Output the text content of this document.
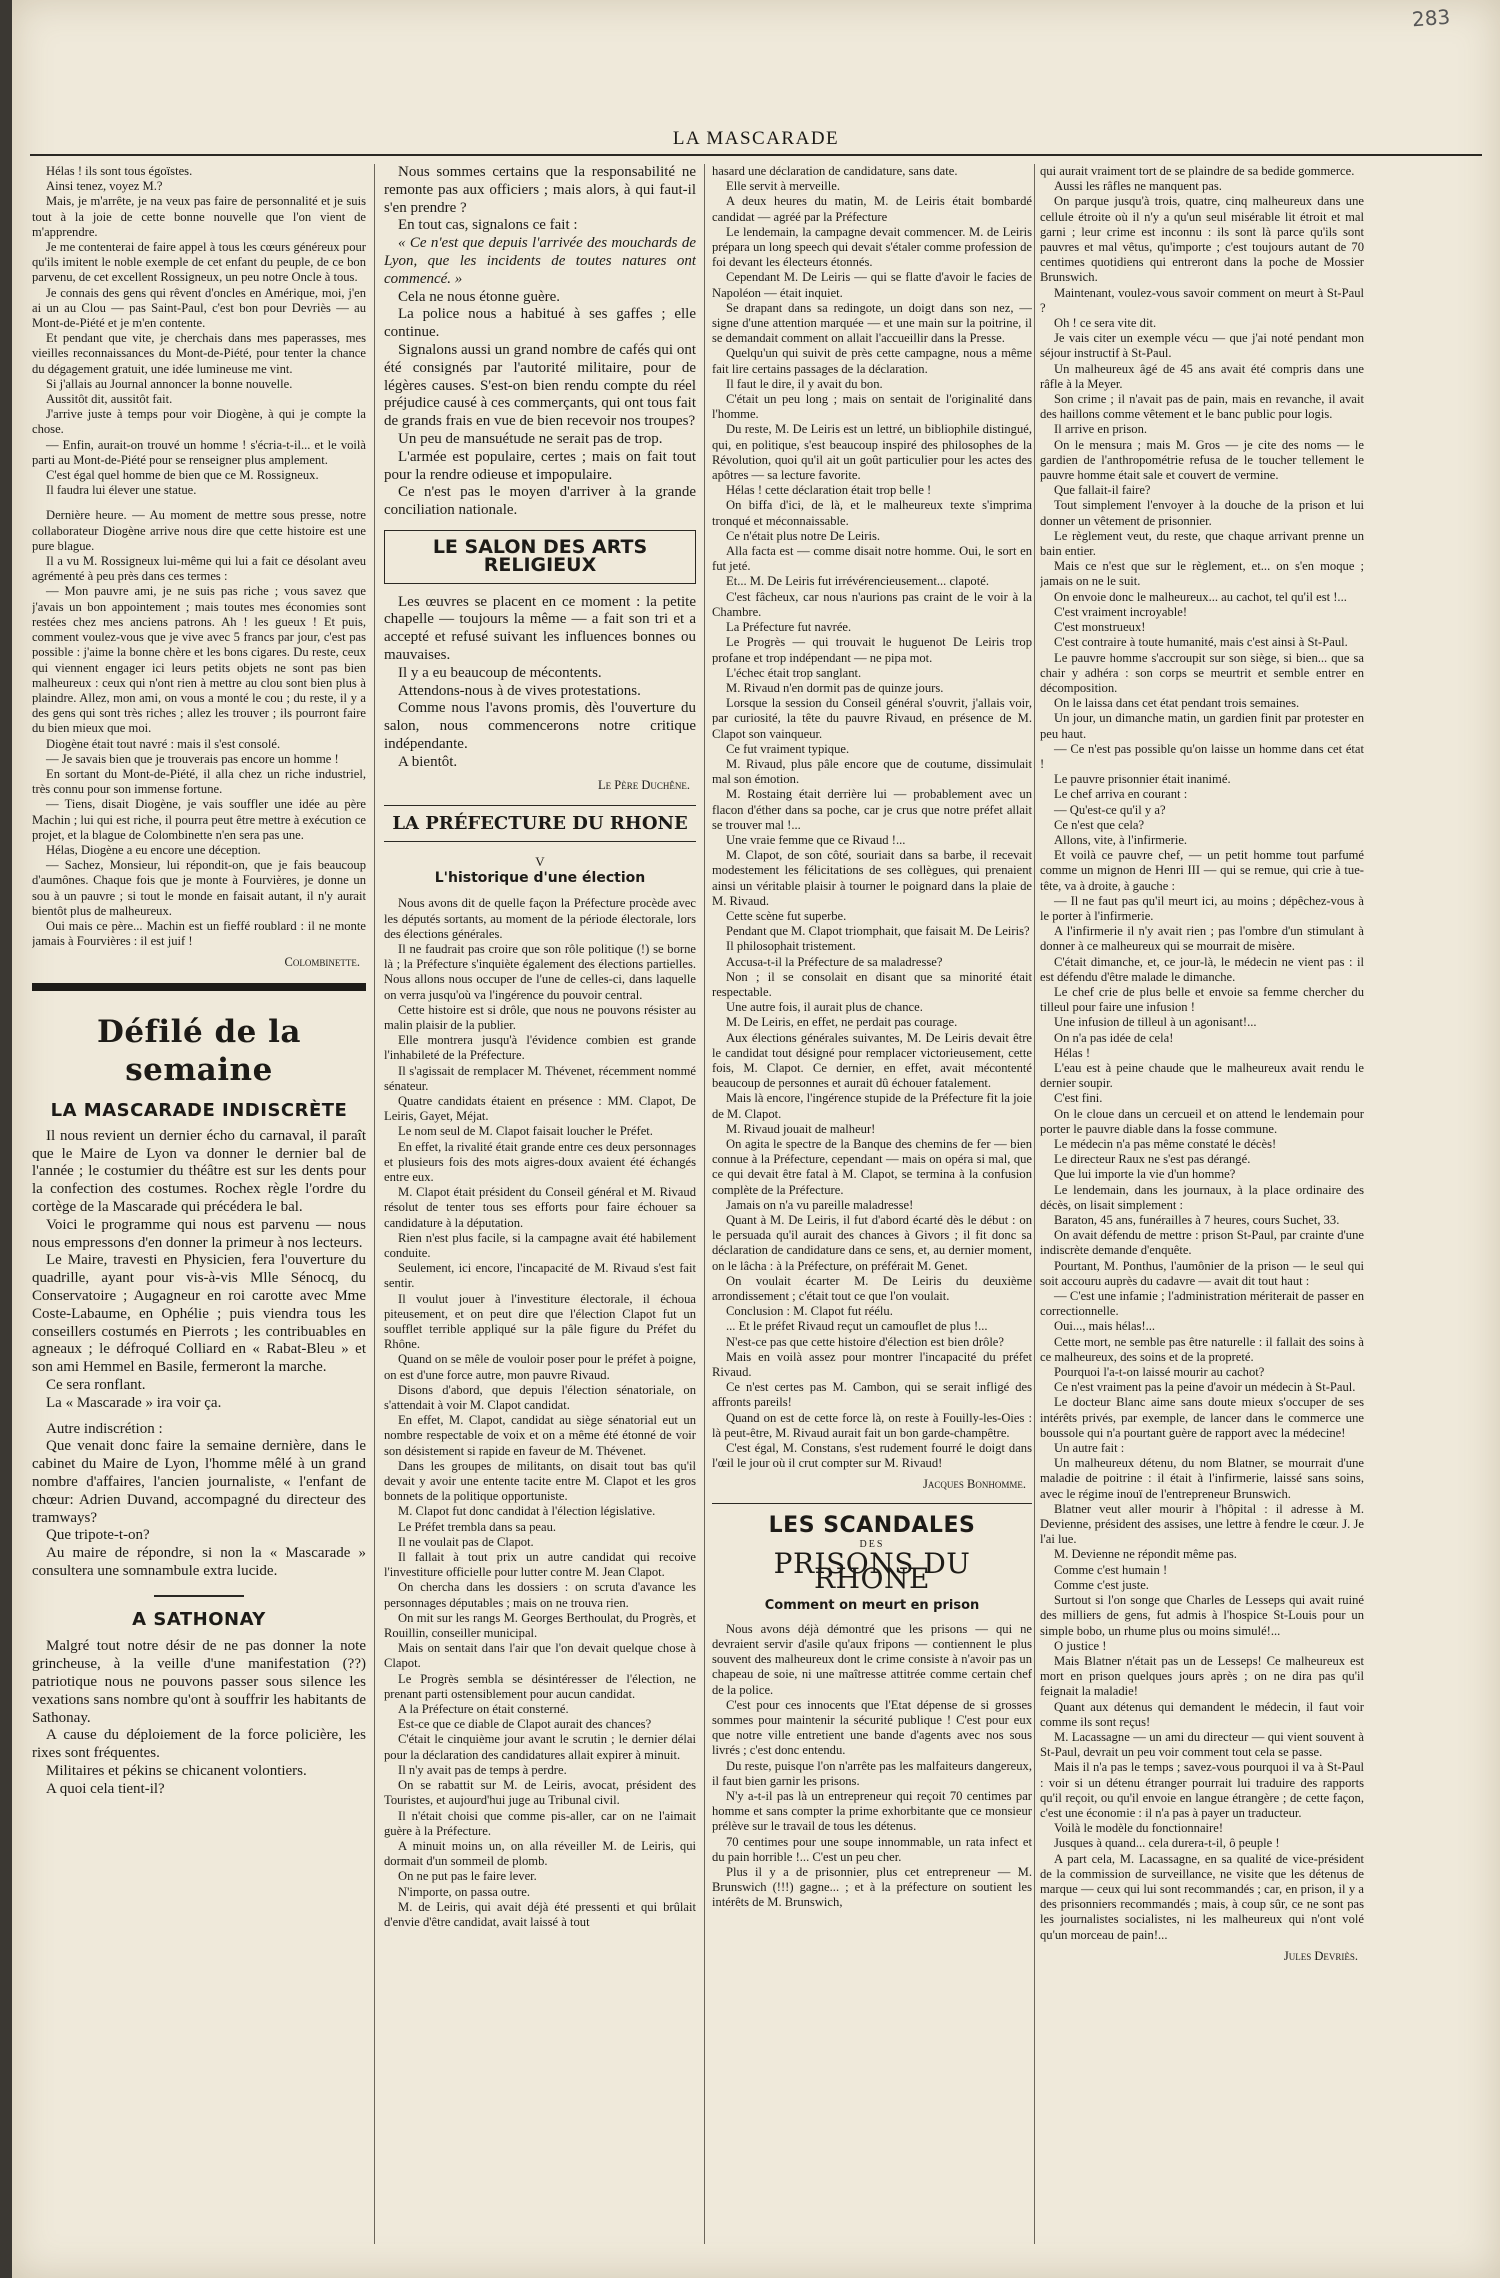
283
LA MASCARADE

Hélas ! ils sont tous égoïstes.

Ainsi tenez, voyez M.?

Mais, je m'arrête, je na veux pas faire de personnalité et je suis tout à la joie de cette bonne nouvelle que l'on vient de m'apprendre.

Je me contenterai de faire appel à tous les cœurs généreux pour qu'ils imitent le noble exemple de cet enfant du peuple, de ce bon parvenu, de cet excellent Rossigneux, un peu notre Oncle à tous.

Je connais des gens qui rêvent d'oncles en Amérique, moi, j'en ai un au Clou — pas Saint-Paul, c'est bon pour Devriès — au Mont-de-Piété et je m'en contente.

Et pendant que vite, je cherchais dans mes paperasses, mes vieilles reconnaissances du Mont-de-Piété, pour tenter la chance du dégagement gratuit, une idée lumineuse me vint.

Si j'allais au Journal annoncer la bonne nouvelle.

Aussitôt dit, aussitôt fait.

J'arrive juste à temps pour voir Diogène, à qui je compte la chose.

— Enfin, aurait-on trouvé un homme ! s'écria-t-il... et le voilà parti au Mont-de-Piété pour se renseigner plus amplement.

C'est égal quel homme de bien que ce M. Rossigneux.

Il faudra lui élever une statue.

Dernière heure. — Au moment de mettre sous presse, notre collaborateur Diogène arrive nous dire que cette histoire est une pure blague.

Il a vu M. Rossigneux lui-même qui lui a fait ce désolant aveu agrémenté à peu près dans ces termes :

— Mon pauvre ami, je ne suis pas riche ; vous savez que j'avais un bon appointement ; mais toutes mes économies sont restées chez mes anciens patrons. Ah ! les gueux ! Et puis, comment voulez-vous que je vive avec 5 francs par jour, c'est pas possible : j'aime la bonne chère et les bons cigares. Du reste, ceux qui viennent engager ici leurs petits objets ne sont pas bien malheureux : ceux qui n'ont rien à mettre au clou sont bien plus à plaindre. Allez, mon ami, on vous a monté le cou ; du reste, il y a des gens qui sont très riches ; allez les trouver ; ils pourront faire du bien mieux que moi.

Diogène était tout navré : mais il s'est consolé.

— Je savais bien que je trouverais pas encore un homme !

En sortant du Mont-de-Piété, il alla chez un riche industriel, très connu pour son immense fortune.

— Tiens, disait Diogène, je vais souffler une idée au père Machin ; lui qui est riche, il pourra peut être mettre à exécution ce projet, et la blague de Colombinette n'en sera pas une.

Hélas, Diogène a eu encore une déception.

— Sachez, Monsieur, lui répondit-on, que je fais beaucoup d'aumônes. Chaque fois que je monte à Fourvières, je donne un sou à un pauvre ; si tout le monde en faisait autant, il n'y aurait bientôt plus de malheureux.

Oui mais ce père... Machin est un fieffé roublard : il ne monte jamais à Fourvières : il est juif !

Colombinette.

Défilé de la semaine
LA MASCARADE INDISCRÈTE

Il nous revient un dernier écho du carnaval, il paraît que le Maire de Lyon va donner le dernier bal de l'année ; le costumier du théâtre est sur les dents pour la confection des costumes. Rochex règle l'ordre du cortège de la Mascarade qui précédera le bal.

Voici le programme qui nous est parvenu — nous nous empressons d'en donner la primeur à nos lecteurs.

Le Maire, travesti en Physicien, fera l'ouverture du quadrille, ayant pour vis-à-vis Mlle Sénocq, du Conservatoire ; Augagneur en roi carotte avec Mme Coste-Labaume, en Ophélie ; puis viendra tous les conseillers costumés en Pierrots ; les contribuables en agneaux ; le défroqué Colliard en « Rabat-Bleu » et son ami Hemmel en Basile, fermeront la marche.

Ce sera ronflant.

La « Mascarade » ira voir ça.

Autre indiscrétion :

Que venait donc faire la semaine dernière, dans le cabinet du Maire de Lyon, l'homme mêlé à un grand nombre d'affaires, l'ancien journaliste, « l'enfant de chœur: Adrien Duvand, accompagné du directeur des tramways?

Que tripote-t-on?

Au maire de répondre, si non la « Mascarade » consultera une somnambule extra lucide.

A SATHONAY

Malgré tout notre désir de ne pas donner la note grincheuse, à la veille d'une manifestation (??) patriotique nous ne pouvons passer sous silence les vexations sans nombre qu'ont à souffrir les habitants de Sathonay.

A cause du déploiement de la force policière, les rixes sont fréquentes.

Militaires et pékins se chicanent volontiers.

A quoi cela tient-il?

Nous sommes certains que la responsabilité ne remonte pas aux officiers ; mais alors, à qui faut-il s'en prendre ?

En tout cas, signalons ce fait :

« Ce n'est que depuis l'arrivée des mouchards de Lyon, que les incidents de toutes natures ont commencé. »

Cela ne nous étonne guère.

La police nous a habitué à ses gaffes ; elle continue.

Signalons aussi un grand nombre de cafés qui ont été consignés par l'autorité militaire, pour de légères causes. S'est-on bien rendu compte du réel préjudice causé à ces commerçants, qui ont tous fait de grands frais en vue de bien recevoir nos troupes?

Un peu de mansuétude ne serait pas de trop.

L'armée est populaire, certes ; mais on fait tout pour la rendre odieuse et impopulaire.

Ce n'est pas le moyen d'arriver à la grande conciliation nationale.

LE SALON DES ARTS RELIGIEUX

Les œuvres se placent en ce moment : la petite chapelle — toujours la même — a fait son tri et a accepté et refusé suivant les influences bonnes ou mauvaises.

Il y a eu beaucoup de mécontents.

Attendons-nous à de vives protestations.

Comme nous l'avons promis, dès l'ouverture du salon, nous commencerons notre critique indépendante.

A bientôt.

Le Père Duchêne.

LA PRÉFECTURE DU RHONE
V
L'historique d'une élection

Nous avons dit de quelle façon la Préfecture procède avec les députés sortants, au moment de la période électorale, lors des élections générales.

Il ne faudrait pas croire que son rôle politique (!) se borne là ; la Préfecture s'inquiète également des élections partielles. Nous allons nous occuper de l'une de celles-ci, dans laquelle on verra jusqu'où va l'ingérence du pouvoir central.

Cette histoire est si drôle, que nous ne pouvons résister au malin plaisir de la publier.

Elle montrera jusqu'à l'évidence combien est grande l'inhabileté de la Préfecture.

Il s'agissait de remplacer M. Thévenet, récemment nommé sénateur.

Quatre candidats étaient en présence : MM. Clapot, De Leiris, Gayet, Méjat.

Le nom seul de M. Clapot faisait loucher le Préfet.

En effet, la rivalité était grande entre ces deux personnages et plusieurs fois des mots aigres-doux avaient été échangés entre eux.

M. Clapot était président du Conseil général et M. Rivaud résolut de tenter tous ses efforts pour faire échouer sa candidature à la députation.

Rien n'est plus facile, si la campagne avait été habilement conduite.

Seulement, ici encore, l'incapacité de M. Rivaud s'est fait sentir.

Il voulut jouer à l'investiture électorale, il échoua piteusement, et on peut dire que l'élection Clapot fut un soufflet terrible appliqué sur la pâle figure du Préfet du Rhône.

Quand on se mêle de vouloir poser pour le préfet à poigne, on est d'une force autre, mon pauvre Rivaud.

Disons d'abord, que depuis l'élection sénatoriale, on s'attendait à voir M. Clapot candidat.

En effet, M. Clapot, candidat au siège sénatorial eut un nombre respectable de voix et on a même été étonné de voir son désistement si rapide en faveur de M. Thévenet.

Dans les groupes de militants, on disait tout bas qu'il devait y avoir une entente tacite entre M. Clapot et les gros bonnets de la politique opportuniste.

M. Clapot fut donc candidat à l'élection législative.

Le Préfet trembla dans sa peau.

Il ne voulait pas de Clapot.

Il fallait à tout prix un autre candidat qui recoive l'investiture officielle pour lutter contre M. Jean Clapot.

On chercha dans les dossiers : on scruta d'avance les personnages députables ; mais on ne trouva rien.

On mit sur les rangs M. Georges Berthoulat, du Progrès, et Rouillin, conseiller municipal.

Mais on sentait dans l'air que l'on devait quelque chose à Clapot.

Le Progrès sembla se désintéresser de l'élection, ne prenant parti ostensiblement pour aucun candidat.

A la Préfecture on était consterné.

Est-ce que ce diable de Clapot aurait des chances?

C'était le cinquième jour avant le scrutin ; le dernier délai pour la déclaration des candidatures allait expirer à minuit.

Il n'y avait pas de temps à perdre.

On se rabattit sur M. de Leiris, avocat, président des Touristes, et aujourd'hui juge au Tribunal civil.

Il n'était choisi que comme pis-aller, car on ne l'aimait guère à la Préfecture.

A minuit moins un, on alla réveiller M. de Leiris, qui dormait d'un sommeil de plomb.

On ne put pas le faire lever.

N'importe, on passa outre.

M. de Leiris, qui avait déjà été pressenti et qui brûlait d'envie d'être candidat, avait laissé à tout

hasard une déclaration de candidature, sans date.

Elle servit à merveille.

A deux heures du matin, M. de Leiris était bombardé candidat — agréé par la Préfecture

Le lendemain, la campagne devait commencer. M. de Leiris prépara un long speech qui devait s'étaler comme profession de foi devant les électeurs étonnés.

Cependant M. De Leiris — qui se flatte d'avoir le facies de Napoléon — était inquiet.

Se drapant dans sa redingote, un doigt dans son nez, — signe d'une attention marquée — et une main sur la poitrine, il se demandait comment on allait l'accueillir dans la Presse.

Quelqu'un qui suivit de près cette campagne, nous a même fait lire certains passages de la déclaration.

Il faut le dire, il y avait du bon.

C'était un peu long ; mais on sentait de l'originalité dans l'homme.

Du reste, M. De Leiris est un lettré, un bibliophile distingué, qui, en politique, s'est beaucoup inspiré des philosophes de la Révolution, quoi qu'il ait un goût particulier pour les actes des apôtres — sa lecture favorite.

Hélas ! cette déclaration était trop belle !

On biffa d'ici, de là, et le malheureux texte s'imprima tronqué et méconnaissable.

Ce n'était plus notre De Leiris.

Alla facta est — comme disait notre homme. Oui, le sort en fut jeté.

Et... M. De Leiris fut irrévérencieusement... clapoté.

C'est fâcheux, car nous n'aurions pas craint de le voir à la Chambre.

La Préfecture fut navrée.

Le Progrès — qui trouvait le huguenot De Leiris trop profane et trop indépendant — ne pipa mot.

L'échec était trop sanglant.

M. Rivaud n'en dormit pas de quinze jours.

Lorsque la session du Conseil général s'ouvrit, j'allais voir, par curiosité, la tête du pauvre Rivaud, en présence de M. Clapot son vainqueur.

Ce fut vraiment typique.

M. Rivaud, plus pâle encore que de coutume, dissimulait mal son émotion.

M. Rostaing était derrière lui — probablement avec un flacon d'éther dans sa poche, car je crus que notre préfet allait se trouver mal !...

Une vraie femme que ce Rivaud !...

M. Clapot, de son côté, souriait dans sa barbe, il recevait modestement les félicitations de ses collègues, qui prenaient ainsi un véritable plaisir à tourner le poignard dans la plaie de M. Rivaud.

Cette scène fut superbe.

Pendant que M. Clapot triomphait, que faisait M. De Leiris?

Il philosophait tristement.

Accusa-t-il la Préfecture de sa maladresse?

Non ; il se consolait en disant que sa minorité était respectable.

Une autre fois, il aurait plus de chance.

M. De Leiris, en effet, ne perdait pas courage.

Aux élections générales suivantes, M. De Leiris devait être le candidat tout désigné pour remplacer victorieusement, cette fois, M. Clapot. Ce dernier, en effet, avait mécontenté beaucoup de personnes et aurait dû échouer fatalement.

Mais là encore, l'ingérence stupide de la Préfecture fit la joie de M. Clapot.

M. Rivaud jouait de malheur!

On agita le spectre de la Banque des chemins de fer — bien connue à la Préfecture, cependant — mais on opéra si mal, que ce qui devait être fatal à M. Clapot, se termina à la confusion complète de la Préfecture.

Jamais on n'a vu pareille maladresse!

Quant à M. De Leiris, il fut d'abord écarté dès le début : on le persuada qu'il aurait des chances à Givors ; il fit donc sa déclaration de candidature dans ce sens, et, au dernier moment, on le lâcha : à la Préfecture, on préférait M. Genet.

On voulait écarter M. De Leiris du deuxième arrondissement ; c'était tout ce que l'on voulait.

Conclusion : M. Clapot fut réélu.

... Et le préfet Rivaud reçut un camouflet de plus !...

N'est-ce pas que cette histoire d'élection est bien drôle?

Mais en voilà assez pour montrer l'incapacité du préfet Rivaud.

Ce n'est certes pas M. Cambon, qui se serait infligé des affronts pareils!

Quand on est de cette force là, on reste à Fouilly-les-Oies : là peut-être, M. Rivaud aurait fait un bon garde-champêtre.

C'est égal, M. Constans, s'est rudement fourré le doigt dans l'œil le jour où il crut compter sur M. Rivaud!

Jacques Bonhomme.

LES SCANDALES
DES
PRISONS DU RHONE
Comment on meurt en prison

Nous avons déjà démontré que les prisons — qui ne devraient servir d'asile qu'aux fripons — contiennent le plus souvent des malheureux dont le crime consiste à n'avoir pas un chapeau de soie, ni une maîtresse attitrée comme certain chef de la police.

C'est pour ces innocents que l'Etat dépense de si grosses sommes pour maintenir la sécurité publique ! C'est pour eux que notre ville entretient une bande d'agents avec nos sous livrés ; c'est donc entendu.

Du reste, puisque l'on n'arrête pas les malfaiteurs dangereux, il faut bien garnir les prisons.

N'y a-t-il pas là un entrepreneur qui reçoit 70 centimes par homme et sans compter la prime exhorbitante que ce monsieur prélève sur le travail de tous les détenus.

70 centimes pour une soupe innommable, un rata infect et du pain horrible !... C'est un peu cher.

Plus il y a de prisonnier, plus cet entrepreneur — M. Brunswich (!!!) gagne... ; et à la préfecture on soutient les intérêts de M. Brunswich,

qui aurait vraiment tort de se plaindre de sa bedide gommerce.

Aussi les râfles ne manquent pas.

On parque jusqu'à trois, quatre, cinq malheureux dans une cellule étroite où il n'y a qu'un seul misérable lit étroit et mal garni ; leur crime est inconnu : ils sont là parce qu'ils sont pauvres et mal vêtus, qu'importe ; c'est toujours autant de 70 centimes quotidiens qui entreront dans la poche de Mossier Brunswich.

Maintenant, voulez-vous savoir comment on meurt à St-Paul ?

Oh ! ce sera vite dit.

Je vais citer un exemple vécu — que j'ai noté pendant mon séjour instructif à St-Paul.

Un malheureux âgé de 45 ans avait été compris dans une râfle à la Meyer.

Son crime ; il n'avait pas de pain, mais en revanche, il avait des haillons comme vêtement et le banc public pour logis.

Il arrive en prison.

On le mensura ; mais M. Gros — je cite des noms — le gardien de l'anthropométrie refusa de le toucher tellement le pauvre homme était sale et couvert de vermine.

Que fallait-il faire?

Tout simplement l'envoyer à la douche de la prison et lui donner un vêtement de prisonnier.

Le règlement veut, du reste, que chaque arrivant prenne un bain entier.

Mais ce n'est que sur le règlement, et... on s'en moque ; jamais on ne le suit.

On envoie donc le malheureux... au cachot, tel qu'il est !...

C'est vraiment incroyable!

C'est monstrueux!

C'est contraire à toute humanité, mais c'est ainsi à St-Paul.

Le pauvre homme s'accroupit sur son siège, si bien... que sa chair y adhéra : son corps se meurtrit et semble entrer en décomposition.

On le laissa dans cet état pendant trois semaines.

Un jour, un dimanche matin, un gardien finit par protester en peu haut.

— Ce n'est pas possible qu'on laisse un homme dans cet état !

Le pauvre prisonnier était inanimé.

Le chef arriva en courant :

— Qu'est-ce qu'il y a?

Ce n'est que cela?

Allons, vite, à l'infirmerie.

Et voilà ce pauvre chef, — un petit homme tout parfumé comme un mignon de Henri III — qui se remue, qui crie à tue-tête, va à droite, à gauche :

— Il ne faut pas qu'il meurt ici, au moins ; dépêchez-vous à le porter à l'infirmerie.

A l'infirmerie il n'y avait rien ; pas l'ombre d'un stimulant à donner à ce malheureux qui se mourrait de misère.

C'était dimanche, et, ce jour-là, le médecin ne vient pas : il est défendu d'être malade le dimanche.

Le chef crie de plus belle et envoie sa femme chercher du tilleul pour faire une infusion !

Une infusion de tilleul à un agonisant!...

On n'a pas idée de cela!

Hélas !

L'eau est à peine chaude que le malheureux avait rendu le dernier soupir.

C'est fini.

On le cloue dans un cercueil et on attend le lendemain pour porter le pauvre diable dans la fosse commune.

Le médecin n'a pas même constaté le décès!

Le directeur Raux ne s'est pas dérangé.

Que lui importe la vie d'un homme?

Le lendemain, dans les journaux, à la place ordinaire des décès, on lisait simplement :

Baraton, 45 ans, funérailles à 7 heures, cours Suchet, 33.

On avait défendu de mettre : prison St-Paul, par crainte d'une indiscrète demande d'enquête.

Pourtant, M. Ponthus, l'aumônier de la prison — le seul qui soit accouru auprès du cadavre — avait dit tout haut :

— C'est une infamie ; l'administration mériterait de passer en correctionnelle.

Oui..., mais hélas!...

Cette mort, ne semble pas être naturelle : il fallait des soins à ce malheureux, des soins et de la propreté.

Pourquoi l'a-t-on laissé mourir au cachot?

Ce n'est vraiment pas la peine d'avoir un médecin à St-Paul.

Le docteur Blanc aime sans doute mieux s'occuper de ses intérêts privés, par exemple, de lancer dans le commerce une boussole qui n'a pourtant guère de rapport avec la médecine!

Un autre fait :

Un malheureux détenu, du nom Blatner, se mourrait d'une maladie de poitrine : il était à l'infirmerie, laissé sans soins, avec le régime inouï de l'entrepreneur Brunswich.

Blatner veut aller mourir à l'hôpital : il adresse à M. Devienne, président des assises, une lettre à fendre le cœur. J. Je l'ai lue.

M. Devienne ne répondit même pas.

Comme c'est humain !

Comme c'est juste.

Surtout si l'on songe que Charles de Lesseps qui avait ruiné des milliers de gens, fut admis à l'hospice St-Louis pour un simple bobo, un rhume plus ou moins simulé!...

O justice !

Mais Blatner n'était pas un de Lesseps! Ce malheureux est mort en prison quelques jours après ; on ne dira pas qu'il feignait la maladie!

Quant aux détenus qui demandent le médecin, il faut voir comme ils sont reçus!

M. Lacassagne — un ami du directeur — qui vient souvent à St-Paul, devrait un peu voir comment tout cela se passe.

Mais il n'a pas le temps ; savez-vous pourquoi il va à St-Paul : voir si un détenu étranger pourrait lui traduire des rapports qu'il reçoit, ou qu'il envoie en langue étrangère ; de cette façon, c'est une économie : il n'a pas à payer un traducteur.

Voilà le modèle du fonctionnaire!

Jusques à quand... cela durera-t-il, ô peuple !

A part cela, M. Lacassagne, en sa qualité de vice-président de la commission de surveillance, ne visite que les détenus de marque — ceux qui lui sont recommandés ; car, en prison, il y a des prisonniers recommandés ; mais, à coup sûr, ce ne sont pas les journalistes socialistes, ni les malheureux qui n'ont volé qu'un morceau de pain!...

Jules Devriès.
